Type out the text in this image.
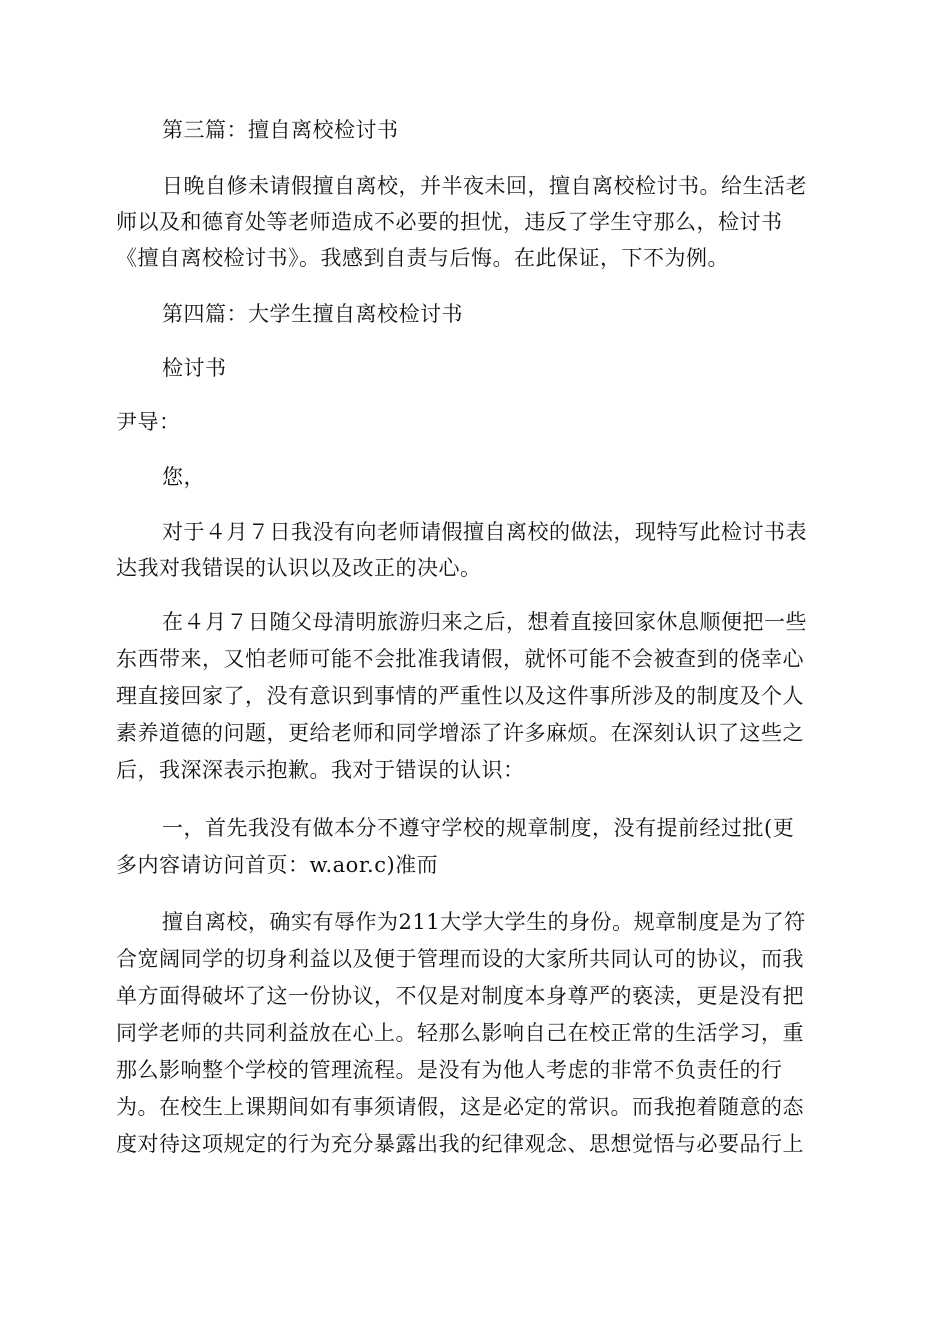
第三篇：擅自离校检讨书
日晚自修未请假擅自离校，并半夜未回，擅自离校检讨书。给生活老
师以及和德育处等老师造成不必要的担忧，违反了学生守那么，检讨书
《擅自离校检讨书》。我感到自责与后悔。在此保证，下不为例。
第四篇：大学生擅自离校检讨书
检讨书
尹导：
您，
对于４月７日我没有向老师请假擅自离校的做法，现特写此检讨书表
达我对我错误的认识以及改正的决心。
在４月７日随父母清明旅游归来之后，想着直接回家休息顺便把一些
东西带来，又怕老师可能不会批准我请假，就怀可能不会被查到的侥幸心
理直接回家了，没有意识到事情的严重性以及这件事所涉及的制度及个人
素养道德的问题，更给老师和同学增添了许多麻烦。在深刻认识了这些之
后，我深深表示抱歉。我对于错误的认识：
一，首先我没有做本分不遵守学校的规章制度，没有提前经过批(更
多内容请访问首页：w.aor.c)准而
擅自离校，确实有辱作为211大学大学生的身份。规章制度是为了符
合宽阔同学的切身利益以及便于管理而设的大家所共同认可的协议，而我
单方面得破坏了这一份协议，不仅是对制度本身尊严的亵渎，更是没有把
同学老师的共同利益放在心上。轻那么影响自己在校正常的生活学习，重
那么影响整个学校的管理流程。是没有为他人考虑的非常不负责任的行
为。在校生上课期间如有事须请假，这是必定的常识。而我抱着随意的态
度对待这项规定的行为充分暴露出我的纪律观念、思想觉悟与必要品行上
